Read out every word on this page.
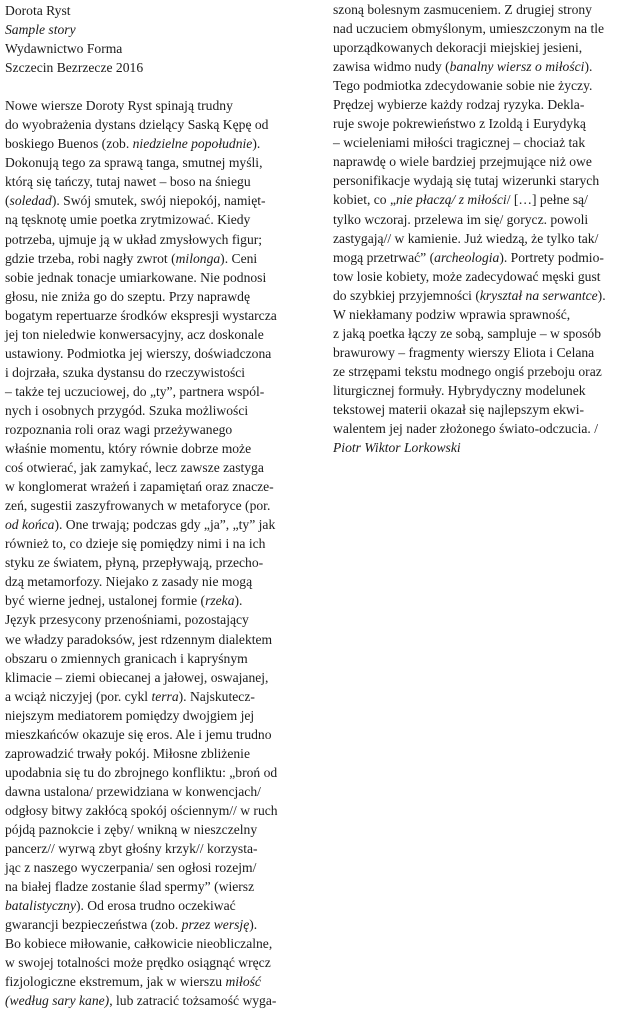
Dorota Ryst
Sample story
Wydawnictwo Forma
Szczecin Bezrzecze 2016
Nowe wiersze Doroty Ryst spinają trudny
do wyobrażenia dystans dzielący Saską Kępę od
boskiego Buenos (zob. niedzielne popołudnie).
Dokonują tego za sprawą tanga, smutnej myśli,
którą się tańczy, tutaj nawet – boso na śniegu
(soledad). Swój smutek, swój niepokój, namięt-
ną tęsknotę umie poetka zrytmizować. Kiedy
potrzeba, ujmuje ją w układ zmysłowych figur;
gdzie trzeba, robi nagły zwrot (milonga). Ceni
sobie jednak tonacje umiarkowane. Nie podnosi
głosu, nie zniża go do szeptu. Przy naprawdę
bogatym repertuarze środków ekspresji wystarcza
jej ton nieledwie konwersacyjny, acz doskonale
ustawiony. Podmiotka jej wierszy, doświadczona
i dojrzała, szuka dystansu do rzeczywistości
– także tej uczuciowej, do „ty”, partnera wspól-
nych i osobnych przygód. Szuka możliwości
rozpoznania roli oraz wagi przeżywanego
właśnie momentu, który równie dobrze może
coś otwierać, jak zamykać, lecz zawsze zastyga
w konglomerat wrażeń i zapamiętań oraz znacze-
zeń, sugestii zaszyfrowanych w metaforyce (por.
od końca). One trwają; podczas gdy „ja”, „ty” jak
również to, co dzieje się pomiędzy nimi i na ich
styku ze światem, płyną, przepływają, przecho-
dzą metamorfozy. Niejako z zasady nie mogą
być wierne jednej, ustalonej formie (rzeka).
Język przesycony przenośniami, pozostający
we władzy paradoksów, jest rdzennym dialektem
obszaru o zmiennych granicach i kapryśnym
klimacie – ziemi obiecanej a jałowej, oswajanej,
a wciąż niczyjej (por. cykl terra). Najskutecz-
niejszym mediatorem pomiędzy dwojgiem jej
mieszkańców okazuje się eros. Ale i jemu trudno
zaprowadzić trwały pokój. Miłosne zbliżenie
upodabnia się tu do zbrojnego konfliktu: „broń od
dawna ustalona/ przewidziana w konwencjach/
odgłosy bitwy zakłócą spokój ościennym// w ruch
pójdą paznokcie i zęby/ wnikną w nieszczelny
pancerz// wyrwą zbyt głośny krzyk// korzysta-
jąc z naszego wyczerpania/ sen ogłosi rozejm/
na białej fladze zostanie ślad spermy” (wiersz
batalistyczny). Od erosa trudno oczekiwać
gwarancji bezpieczeństwa (zob. przez wersję).
Bo kobiece miłowanie, całkowicie nieobliczalne,
w swojej totalności może prędko osiągnąć wręcz
fizjologiczne ekstremum, jak w wierszu miłość
(według sary kane), lub zatracić tożsamość wyga-
szoną bolesnym zasmuceniem. Z drugiej strony
nad uczuciem obmyślonym, umieszczonym na tle
uporządkowanych dekoracji miejskiej jesieni,
zawisa widmo nudy (banalny wiersz o miłości).
Tego podmiotka zdecydowanie sobie nie życzy.
Prędzej wybierze każdy rodzaj ryzyka. Dekla-
ruje swoje pokrewieństwo z Izoldą i Eurydyką
– wcieleniami miłości tragicznej – chociaż tak
naprawdę o wiele bardziej przejmujące niż owe
personifikacje wydają się tutaj wizerunki starych
kobiet, co „nie płaczą/ z miłości/ […] pełne są/
tylko wczoraj. przelewa im się/ gorycz. powoli
zastygają// w kamienie. Już wiedzą, że tylko tak/
mogą przetrwać” (archeologia). Portrety podmio-
tow losie kobiety, może zadecydować męski gust
do szybkiej przyjemności (kryształ na serwantce).
W niekłamany podziw wprawia sprawność,
z jaką poetka łączy ze sobą, sampluje – w sposób
brawurowy – fragmenty wierszy Eliota i Celana
ze strzępami tekstu modnego ongiś przeboju oraz
liturgicznej formuły. Hybrydyczny modelunek
tekstowej materii okazał się najlepszym ekwi-
walentem jej nader złożonego świato-odczucia. /
Piotr Wiktor Lorkowski
